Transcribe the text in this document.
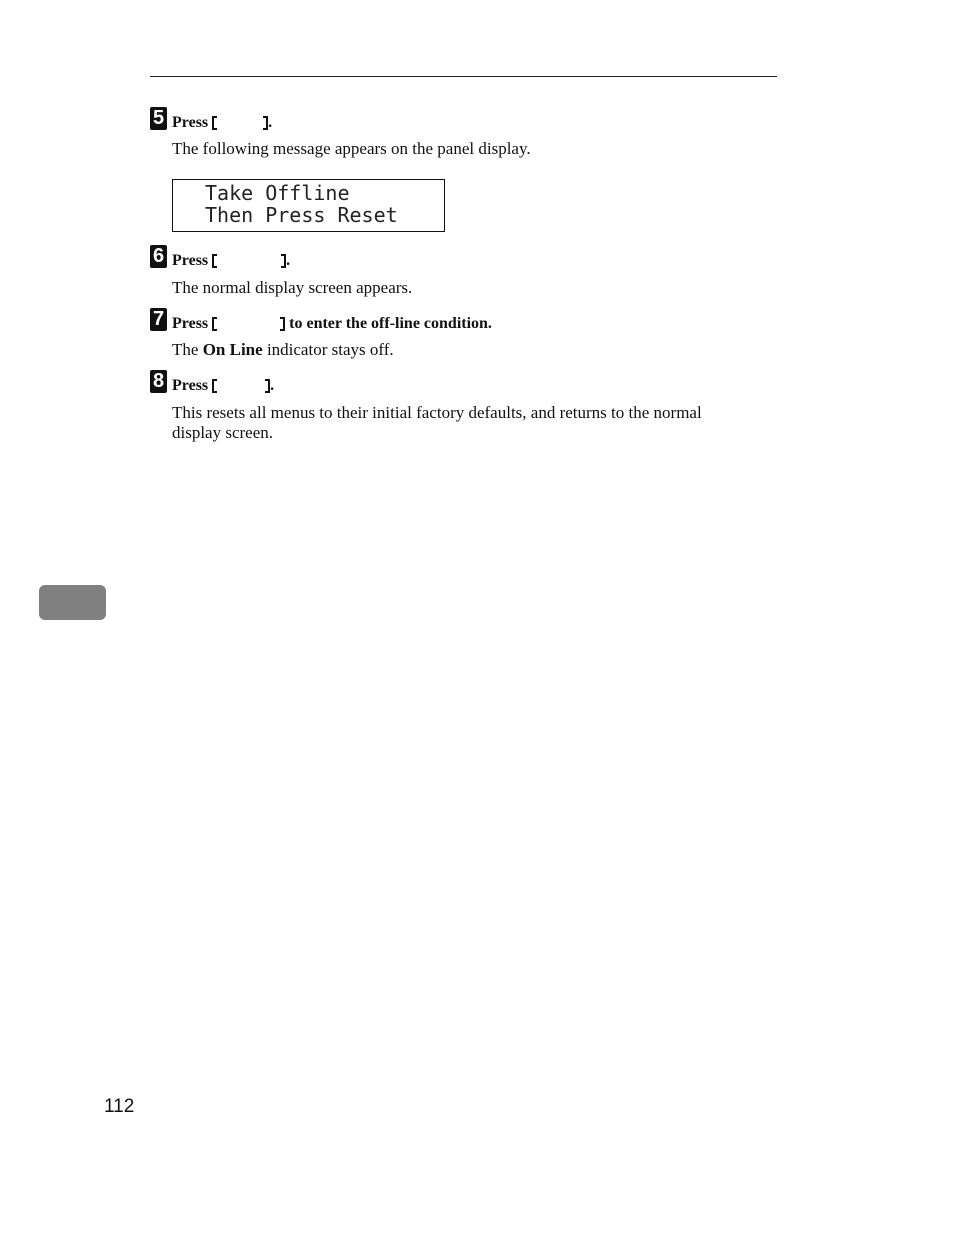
5 Press	.
The following message appears on the panel display.
Take Offline
Then Press Reset
6 Press	.
The normal display screen appears.
7 Press	to enter the off-line condition.
The On Line indicator stays off.
8 Press	.
This resets all menus to their initial factory defaults, and returns to the normal
display screen.
112
